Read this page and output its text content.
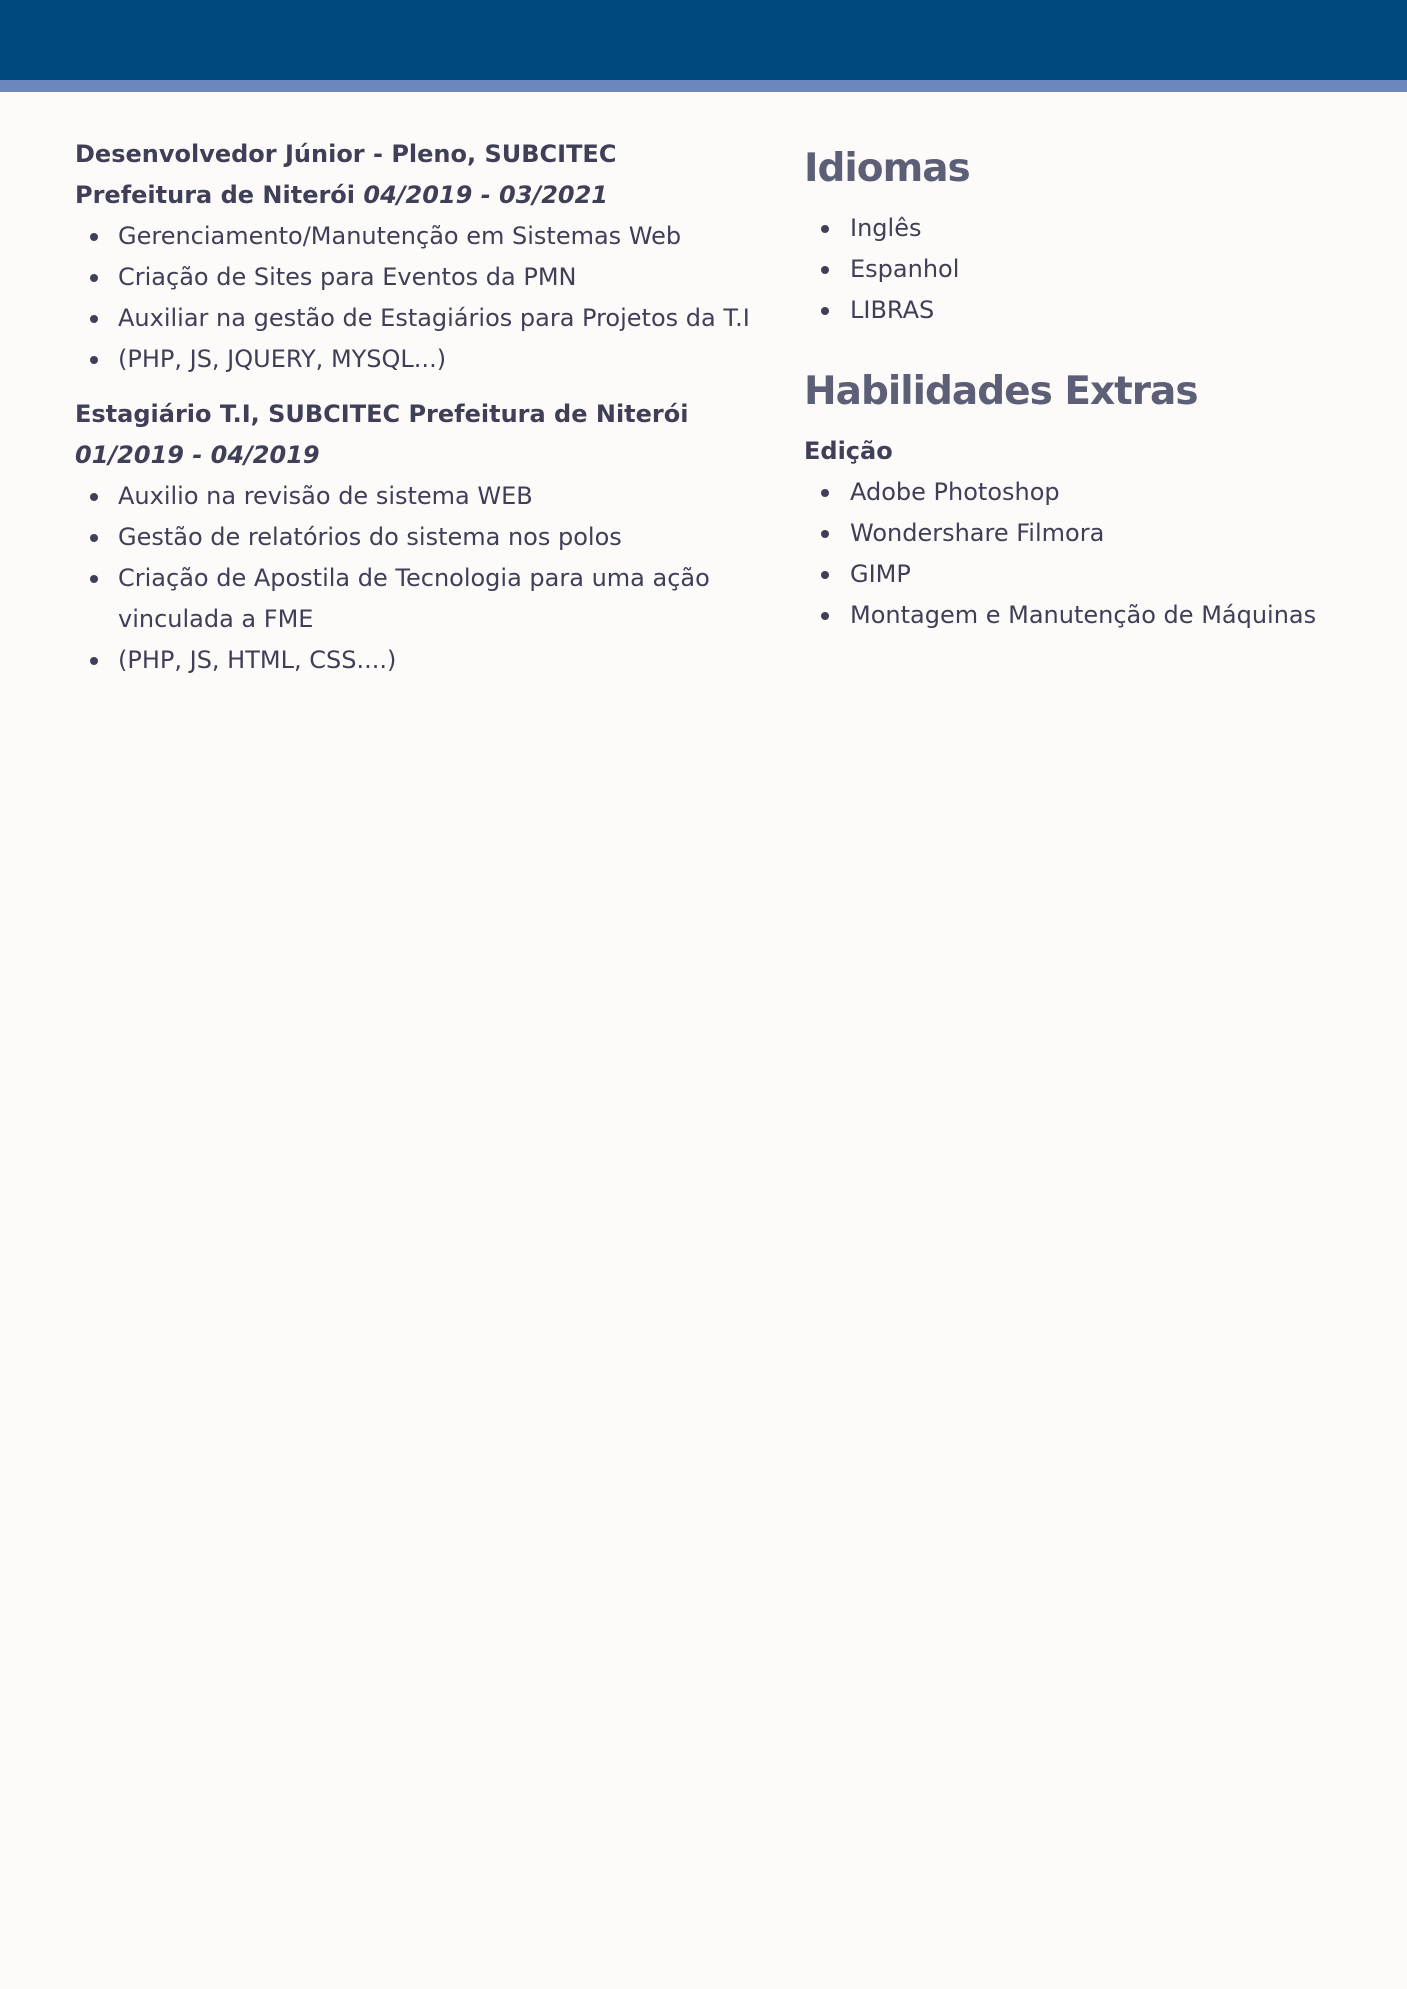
Desenvolvedor Júnior - Pleno, SUBCITEC Prefeitura de Niterói 04/2019 - 03/2021

Gerenciamento/Manutenção em Sistemas Web
Criação de Sites para Eventos da PMN
Auxiliar na gestão de Estagiários para Projetos da T.I
(PHP, JS, JQUERY, MYSQL...)

Estagiário T.I, SUBCITEC Prefeitura de Niterói
01/2019 - 04/2019

Auxilio na revisão de sistema WEB
Gestão de relatórios do sistema nos polos
Criação de Apostila de Tecnologia para uma ação vinculada a FME
(PHP, JS, HTML, CSS....)
Idiomas
Inglês
Espanhol
LIBRAS
Habilidades Extras

Edição

Adobe Photoshop
Wondershare Filmora
GIMP
Montagem e Manutenção de Máquinas
